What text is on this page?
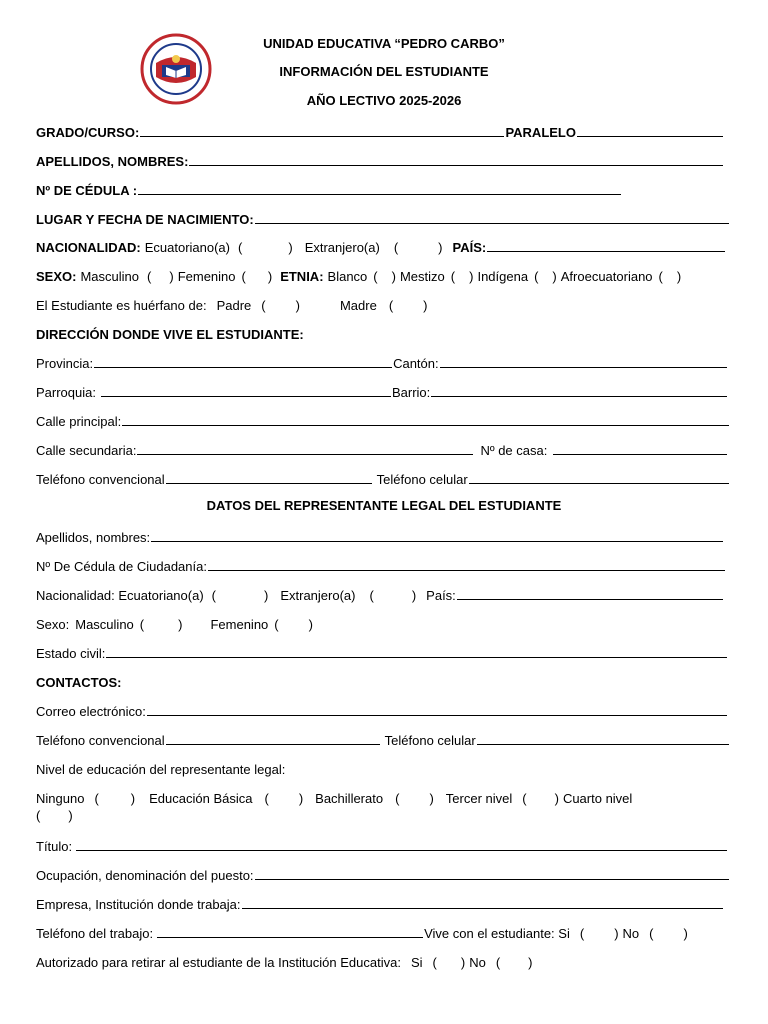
UNIDAD EDUCATIVA “PEDRO CARBO”
INFORMACIÓN DEL ESTUDIANTE
AÑO LECTIVO 2025-2026
GRADO/CURSO:	PARALELO
APELLIDOS, NOMBRES:
Nº DE CÉDULA :
LUGAR Y FECHA DE NACIMIENTO:
NACIONALIDAD: Ecuatoriano(a) (	) Extranjero(a) (	) PAÍS:
SEXO: Masculino ( ) Femenino ( ) ETNIA: Blanco ( ) Mestizo ( ) Indígena ( ) Afroecuatoriano ( )
El Estudiante es huérfano de: Padre ( )	Madre ( )
DIRECCIÓN DONDE VIVE EL ESTUDIANTE:
Provincia:	Cantón:
Parroquia:	Barrio:
Calle principal:
Calle secundaria:	Nº de casa:
Teléfono convencional	Teléfono celular
DATOS DEL REPRESENTANTE LEGAL DEL ESTUDIANTE
Apellidos, nombres:
Nº De Cédula de Ciudadanía:
Nacionalidad: Ecuatoriano(a) (	) Extranjero(a) (	) País:
Sexo: Masculino (	) Femenino ( )
Estado civil:
CONTACTOS:
Correo electrónico:
Teléfono convencional	Teléfono celular
Nivel de educación del representante legal:
Ninguno ( ) Educación Básica ( ) Bachillerato ( ) Tercer nivel ( ) Cuarto nivel
( )
Título:
Ocupación, denominación del puesto:
Empresa, Institución donde trabaja:
Teléfono del trabajo:	Vive con el estudiante: Si ( ) No ( )
Autorizado para retirar al estudiante de la Institución Educativa: Si ( ) No ( )
